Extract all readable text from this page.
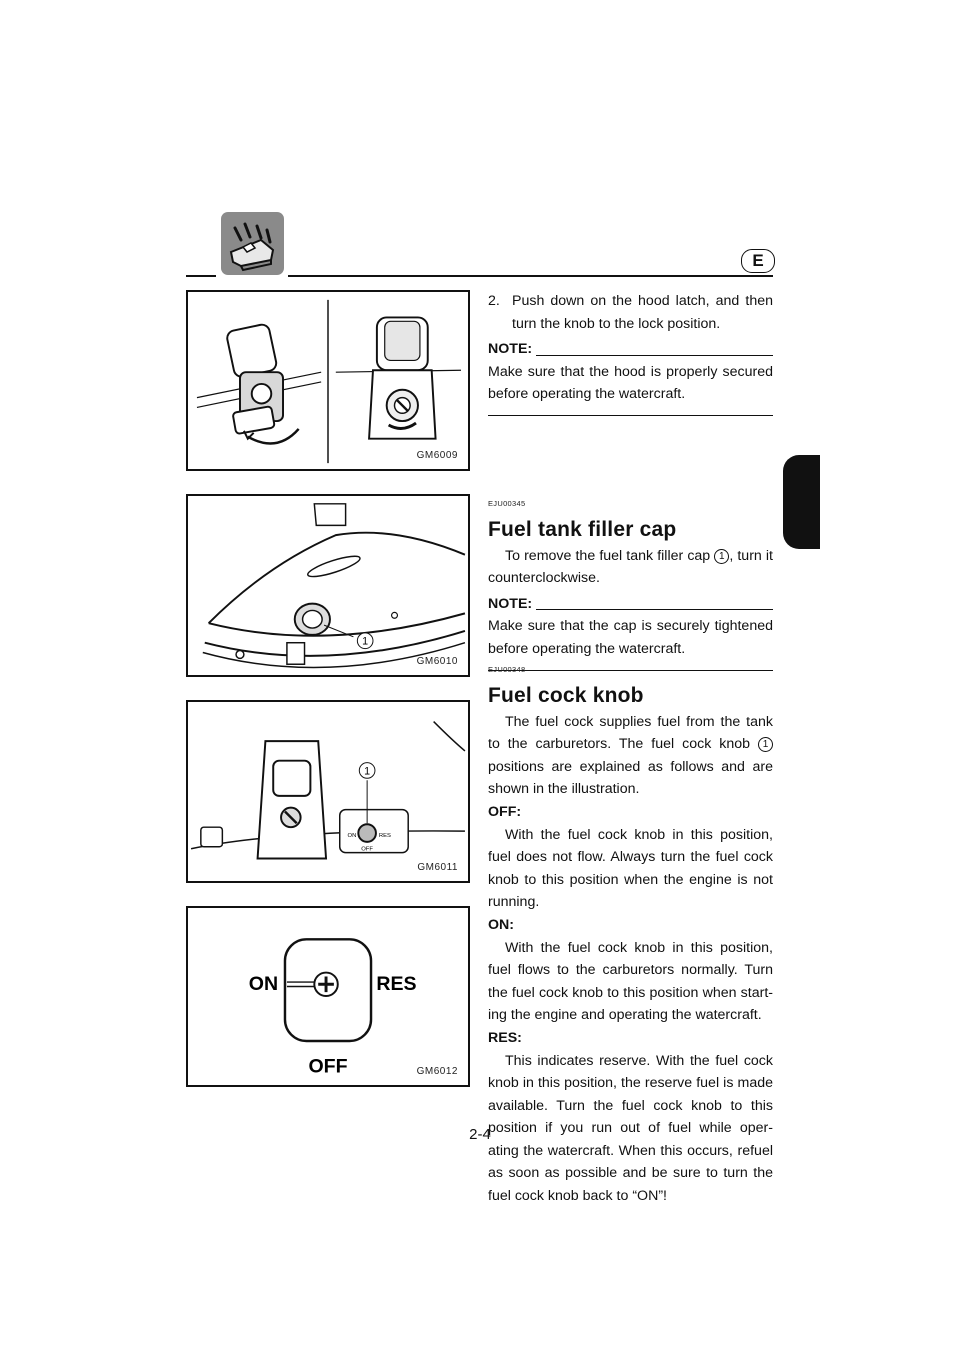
E
GM6009
1
GM6010
ON	RES
OFF
1
GM6011
ON	RES
OFF	GM6012
2. Push down on the hood latch, and then turn the knob to the lock position.

NOTE:

Make sure that the hood is properly secured before operating the watercraft.

EJU00345
Fuel tank filler cap

To remove the fuel tank filler cap 1 , turn it counterclockwise.

NOTE:

Make sure that the cap is securely tightened before operating the watercraft.

EJU00348
Fuel cock knob

The fuel cock supplies fuel from the tank to the carburetors. The fuel cock knob 1 positions are explained as follows and are shown in the illustration.

OFF:

With the fuel cock knob in this position, fuel does not flow. Always turn the fuel cock knob to this position when the engine is not running.

ON:

With the fuel cock knob in this position, fuel flows to the carburetors normally. Turn the fuel cock knob to this position when start- ing the engine and operating the watercraft.

RES:

This indicates reserve. With the fuel cock knob in this position, the reserve fuel is made available. Turn the fuel cock knob to this position if you run out of fuel while oper- ating the watercraft. When this occurs, refuel as soon as possible and be sure to turn the fuel cock knob back to “ON”!

2-4
